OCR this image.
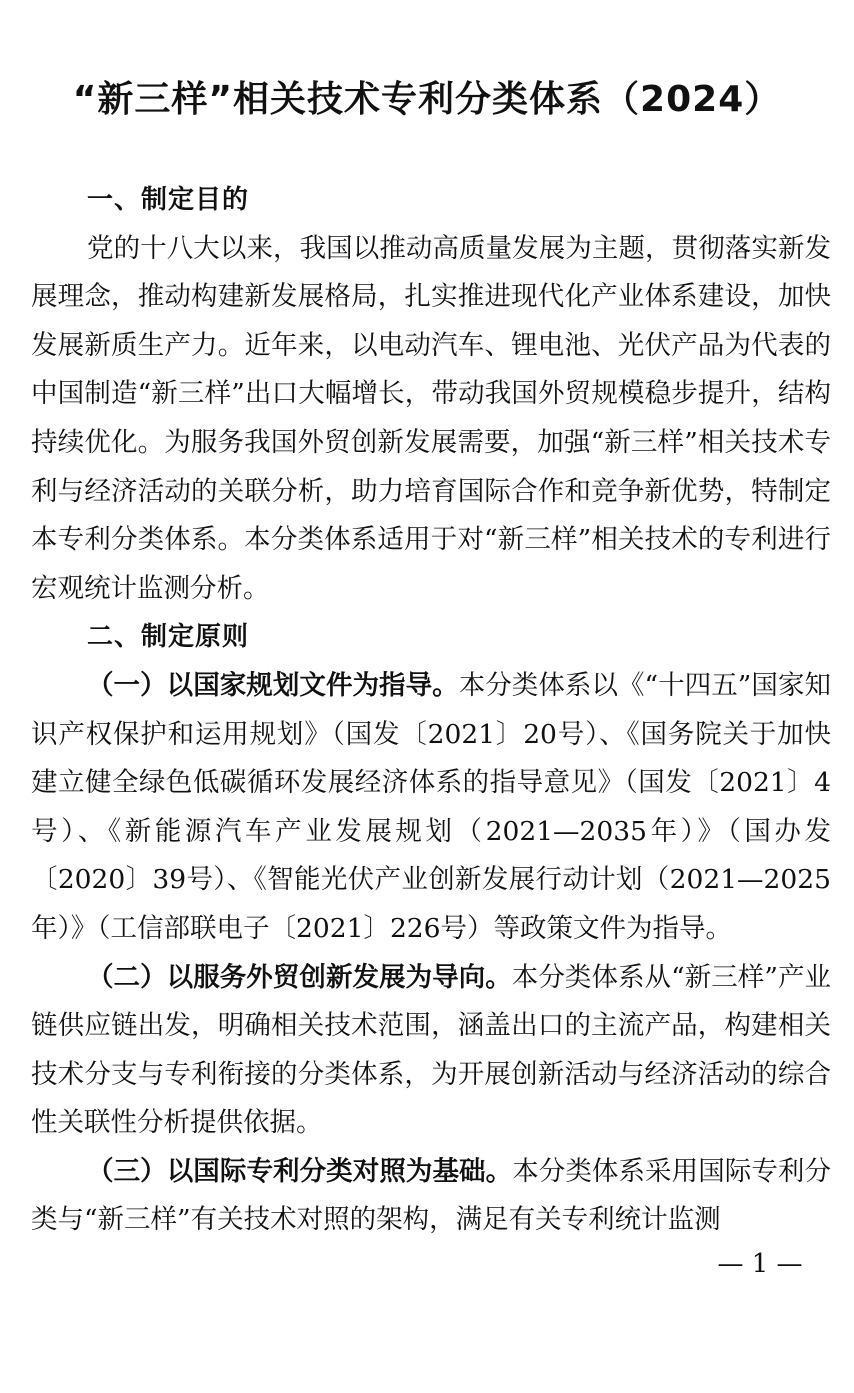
“新三样”相关技术专利分类体系（2024）

一、制定目的

党的十八大以来，我国以推动高质量发展为主题，贯彻落实新发展理念，推动构建新发展格局，扎实推进现代化产业体系建设，加快发展新质生产力。近年来，以电动汽车、锂电池、光伏产品为代表的中国制造“新三样”出口大幅增长，带动我国外贸规模稳步提升，结构持续优化。为服务我国外贸创新发展需要，加强“新三样”相关技术专利与经济活动的关联分析，助力培育国际合作和竞争新优势，特制定本专利分类体系。本分类体系适用于对“新三样”相关技术的专利进行宏观统计监测分析。

二、制定原则

（一）以国家规划文件为指导。本分类体系以《“十四五”国家知识产权保护和运用规划》（国发〔2021〕20号）、《国务院关于加快建立健全绿色低碳循环发展经济体系的指导意见》（国发〔2021〕4号）、《新能源汽车产业发展规划（2021—2035年）》（国办发〔2020〕39号）、《智能光伏产业创新发展行动计划（2021—2025年）》（工信部联电子〔2021〕226号）等政策文件为指导。

（二）以服务外贸创新发展为导向。本分类体系从“新三样”产业链供应链出发，明确相关技术范围，涵盖出口的主流产品，构建相关技术分支与专利衔接的分类体系，为开展创新活动与经济活动的综合性关联性分析提供依据。

（三）以国际专利分类对照为基础。本分类体系采用国际专利分类与“新三样”有关技术对照的架构，满足有关专利统计监测

— 1 —
